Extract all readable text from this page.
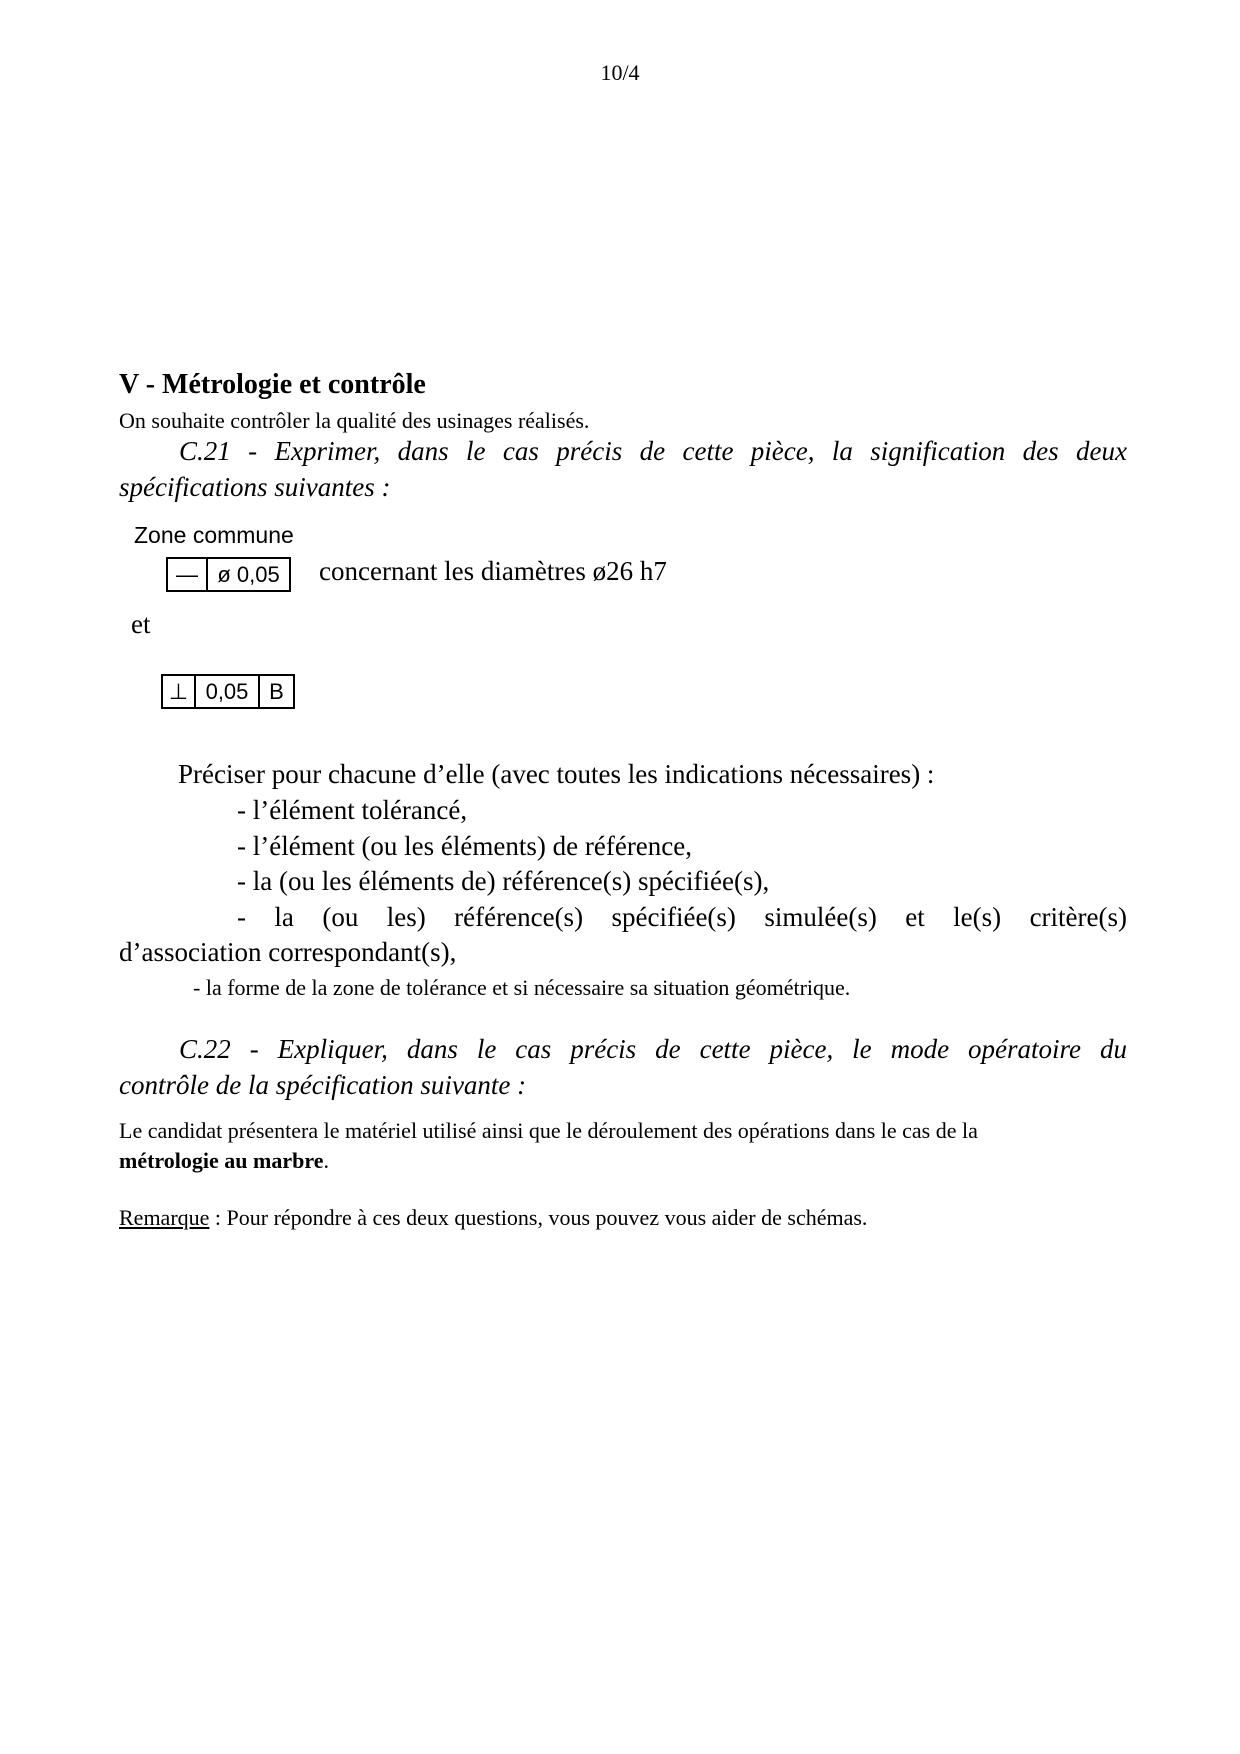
10/4
V - Métrologie et contrôle
On souhaite contrôler la qualité des usinages réalisés.
C.21 - Exprimer, dans le cas précis de cette pièce, la signification des deux
spécifications suivantes :
Zone commune
— ø 0,05	concernant les diamètres ø26 h7
et
⊥ 0,05 B
Préciser pour chacune d’elle (avec toutes les indications nécessaires) :
- l’élément tolérancé,
- l’élément (ou les éléments) de référence,
- la (ou les éléments de) référence(s) spécifiée(s),
- la (ou les) référence(s) spécifiée(s) simulée(s) et le(s) critère(s)
d’association correspondant(s),
- la forme de la zone de tolérance et si nécessaire sa situation géométrique.
C.22 - Expliquer, dans le cas précis de cette pièce, le mode opératoire du
contrôle de la spécification suivante :
Le candidat présentera le matériel utilisé ainsi que le déroulement des opérations dans le cas de la
métrologie au marbre.
Remarque : Pour répondre à ces deux questions, vous pouvez vous aider de schémas.
